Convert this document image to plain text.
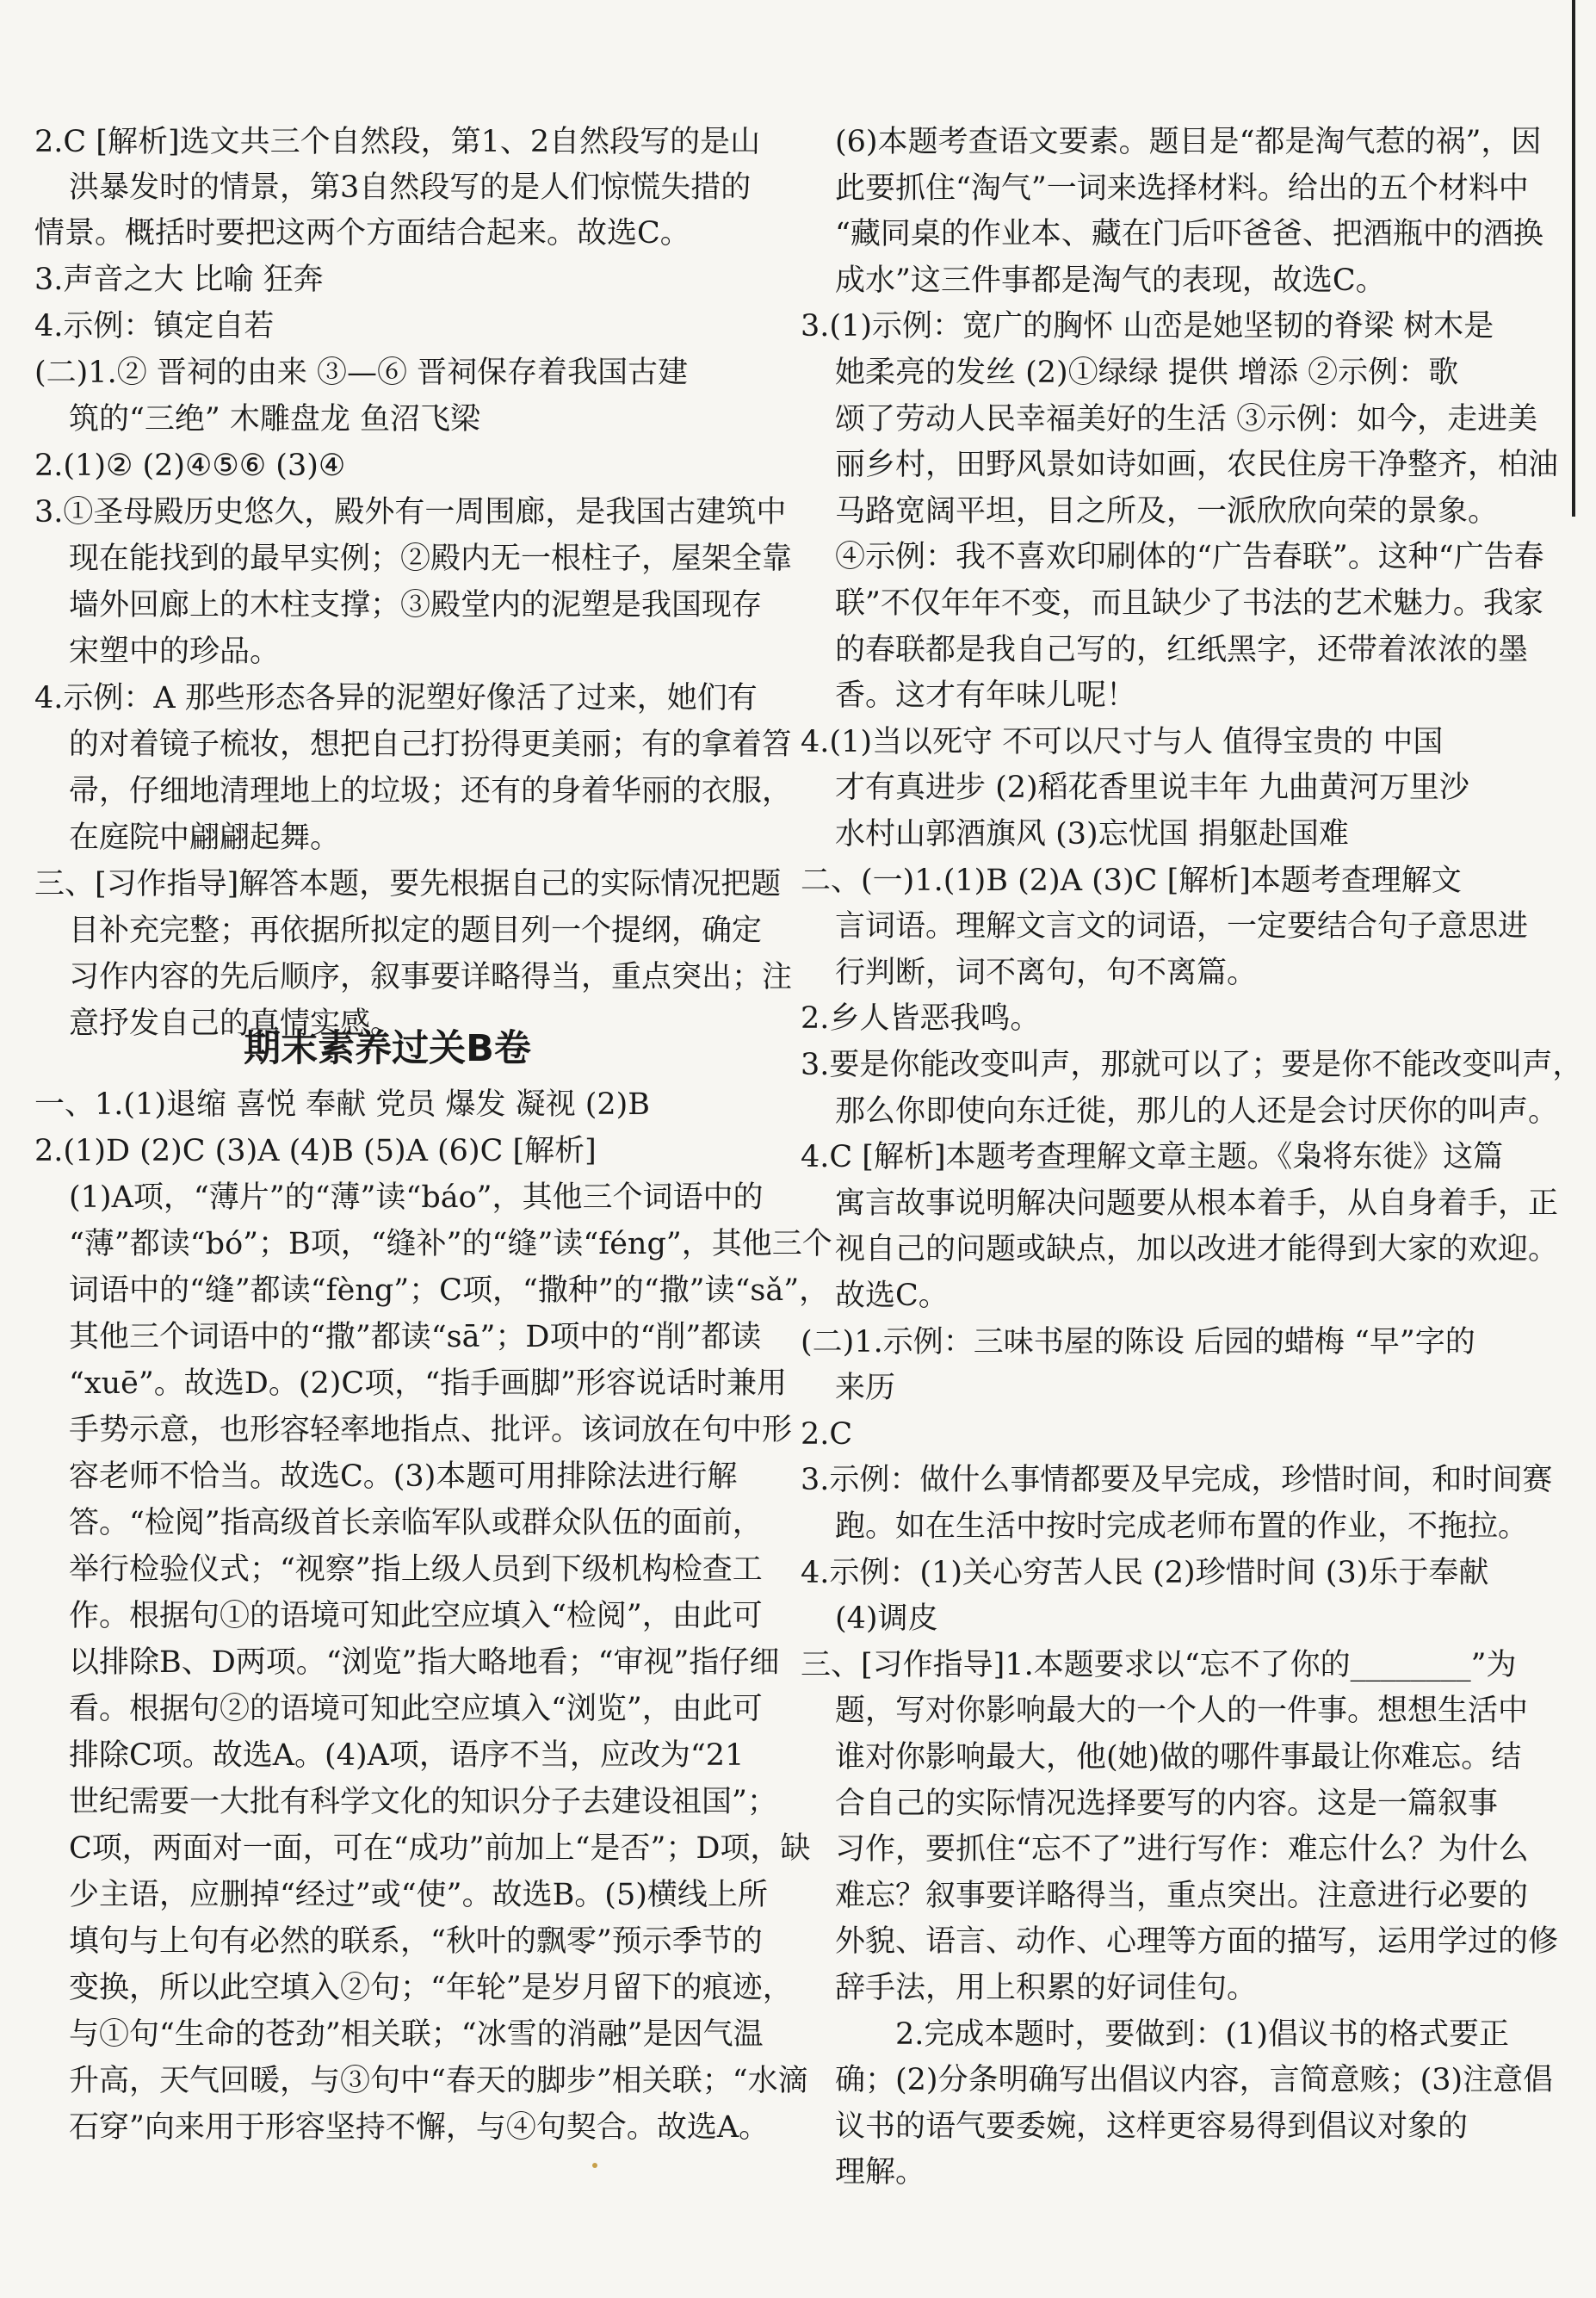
2.C [解析]选文共三个自然段，第1、2自然段写的是山
洪暴发时的情景，第3自然段写的是人们惊慌失措的
情景。概括时要把这两个方面结合起来。故选C。
3.声音之大 比喻 狂奔
4.示例：镇定自若
(二)1.② 晋祠的由来 ③—⑥ 晋祠保存着我国古建
筑的“三绝” 木雕盘龙 鱼沼飞梁
2.(1)② (2)④⑤⑥ (3)④
3.①圣母殿历史悠久，殿外有一周围廊，是我国古建筑中
现在能找到的最早实例；②殿内无一根柱子，屋架全靠
墙外回廊上的木柱支撑；③殿堂内的泥塑是我国现存
宋塑中的珍品。
4.示例：A 那些形态各异的泥塑好像活了过来，她们有
的对着镜子梳妆，想把自己打扮得更美丽；有的拿着笤
帚，仔细地清理地上的垃圾；还有的身着华丽的衣服，
在庭院中翩翩起舞。
三、[习作指导]解答本题，要先根据自己的实际情况把题
目补充完整；再依据所拟定的题目列一个提纲，确定
习作内容的先后顺序，叙事要详略得当，重点突出；注
意抒发自己的真情实感。
一、1.(1)退缩 喜悦 奉献 党员 爆发 凝视 (2)B
2.(1)D (2)C (3)A (4)B (5)A (6)C [解析]
(1)A项，“薄片”的“薄”读“báo”，其他三个词语中的
“薄”都读“bó”；B项，“缝补”的“缝”读“féng”，其他三个
词语中的“缝”都读“fèng”；C项，“撒种”的“撒”读“sǎ”，
其他三个词语中的“撒”都读“sā”；D项中的“削”都读
“xuē”。故选D。(2)C项，“指手画脚”形容说话时兼用
手势示意，也形容轻率地指点、批评。该词放在句中形
容老师不恰当。故选C。(3)本题可用排除法进行解
答。“检阅”指高级首长亲临军队或群众队伍的面前，
举行检验仪式；“视察”指上级人员到下级机构检查工
作。根据句①的语境可知此空应填入“检阅”，由此可
以排除B、D两项。“浏览”指大略地看；“审视”指仔细
看。根据句②的语境可知此空应填入“浏览”，由此可
排除C项。故选A。(4)A项，语序不当，应改为“21
世纪需要一大批有科学文化的知识分子去建设祖国”；
C项，两面对一面，可在“成功”前加上“是否”；D项，缺
少主语，应删掉“经过”或“使”。故选B。(5)横线上所
填句与上句有必然的联系，“秋叶的飘零”预示季节的
变换，所以此空填入②句；“年轮”是岁月留下的痕迹，
与①句“生命的苍劲”相关联；“冰雪的消融”是因气温
升高，天气回暖，与③句中“春天的脚步”相关联；“水滴
石穿”向来用于形容坚持不懈，与④句契合。故选A。
期末素养过关B卷
(6)本题考查语文要素。题目是“都是淘气惹的祸”，因
此要抓住“淘气”一词来选择材料。给出的五个材料中
“藏同桌的作业本、藏在门后吓爸爸、把酒瓶中的酒换
成水”这三件事都是淘气的表现，故选C。
3.(1)示例：宽广的胸怀 山峦是她坚韧的脊梁 树木是
她柔亮的发丝 (2)①绿绿 提供 增添 ②示例：歌
颂了劳动人民幸福美好的生活 ③示例：如今，走进美
丽乡村，田野风景如诗如画，农民住房干净整齐，柏油
马路宽阔平坦，目之所及，一派欣欣向荣的景象。
④示例：我不喜欢印刷体的“广告春联”。这种“广告春
联”不仅年年不变，而且缺少了书法的艺术魅力。我家
的春联都是我自己写的，红纸黑字，还带着浓浓的墨
香。这才有年味儿呢！
4.(1)当以死守 不可以尺寸与人 值得宝贵的 中国
才有真进步 (2)稻花香里说丰年 九曲黄河万里沙
水村山郭酒旗风 (3)忘忧国 捐躯赴国难
二、(一)1.(1)B (2)A (3)C [解析]本题考查理解文
言词语。理解文言文的词语，一定要结合句子意思进
行判断，词不离句，句不离篇。
2.乡人皆恶我鸣。
3.要是你能改变叫声，那就可以了；要是你不能改变叫声，
那么你即使向东迁徙，那儿的人还是会讨厌你的叫声。
4.C [解析]本题考查理解文章主题。《枭将东徙》这篇
寓言故事说明解决问题要从根本着手，从自身着手，正
视自己的问题或缺点，加以改进才能得到大家的欢迎。
故选C。
(二)1.示例：三味书屋的陈设 后园的蜡梅 “早”字的
来历
2.C
3.示例：做什么事情都要及早完成，珍惜时间，和时间赛
跑。如在生活中按时完成老师布置的作业，不拖拉。
4.示例：(1)关心穷苦人民 (2)珍惜时间 (3)乐于奉献
(4)调皮
三、[习作指导]1.本题要求以“忘不了你的________”为
题，写对你影响最大的一个人的一件事。想想生活中
谁对你影响最大，他(她)做的哪件事最让你难忘。结
合自己的实际情况选择要写的内容。这是一篇叙事
习作，要抓住“忘不了”进行写作：难忘什么？为什么
难忘？叙事要详略得当，重点突出。注意进行必要的
外貌、语言、动作、心理等方面的描写，运用学过的修
辞手法，用上积累的好词佳句。
2.完成本题时，要做到：(1)倡议书的格式要正
确；(2)分条明确写出倡议内容，言简意赅；(3)注意倡
议书的语气要委婉，这样更容易得到倡议对象的
理解。
